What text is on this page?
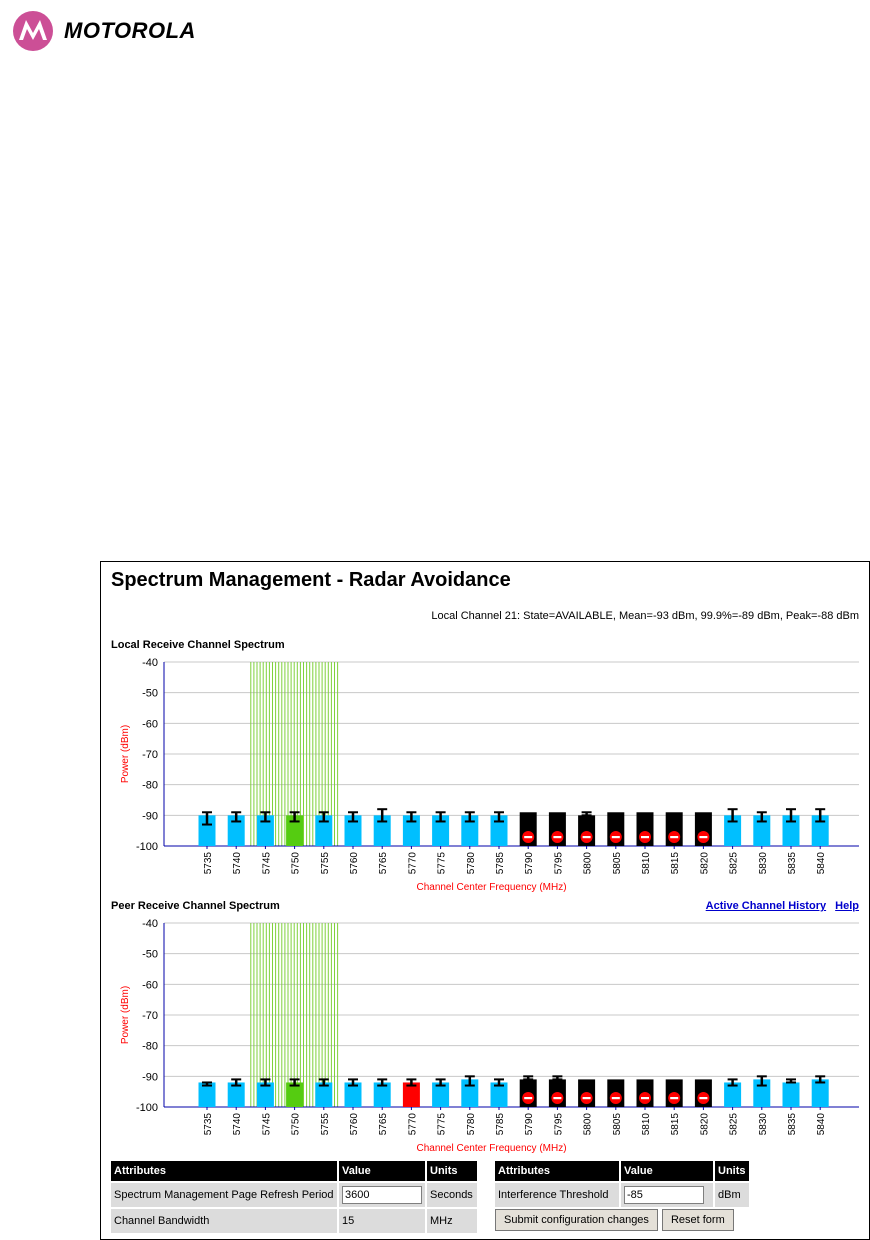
MOTOROLA
Spectrum Management - Radar Avoidance
Local Channel 21: State=AVAILABLE, Mean=-93 dBm, 99.9%=-89 dBm, Peak=-88 dBm
Local Receive Channel Spectrum
-40
-50
-60
-70
-80
-90
-100
Power (dBm)
5735 5740 5745 5750 5755 5760 5765 5770 5775 5780 5785 5790 5795 5800 5805 5810 5815 5820 5825 5830 5835 5840
Channel Center Frequency (MHz)
Peer Receive Channel Spectrum	Active Channel History Help
-40
-50
-60
-70
-80
-90
-100
Power (dBm)
5735 5740 5745 5750 5755 5760 5765 5770 5775 5780 5785 5790 5795 5800 5805 5810 5815 5820 5825 5830 5835 5840
Channel Center Frequency (MHz)
Attributes	Value	Units
Spectrum Management Page Refresh Period	3600	Seconds
Channel Bandwidth	15	MHz
Attributes	Value	Units
Interference Threshold	-85	dBm
Submit configuration changes	Reset form
